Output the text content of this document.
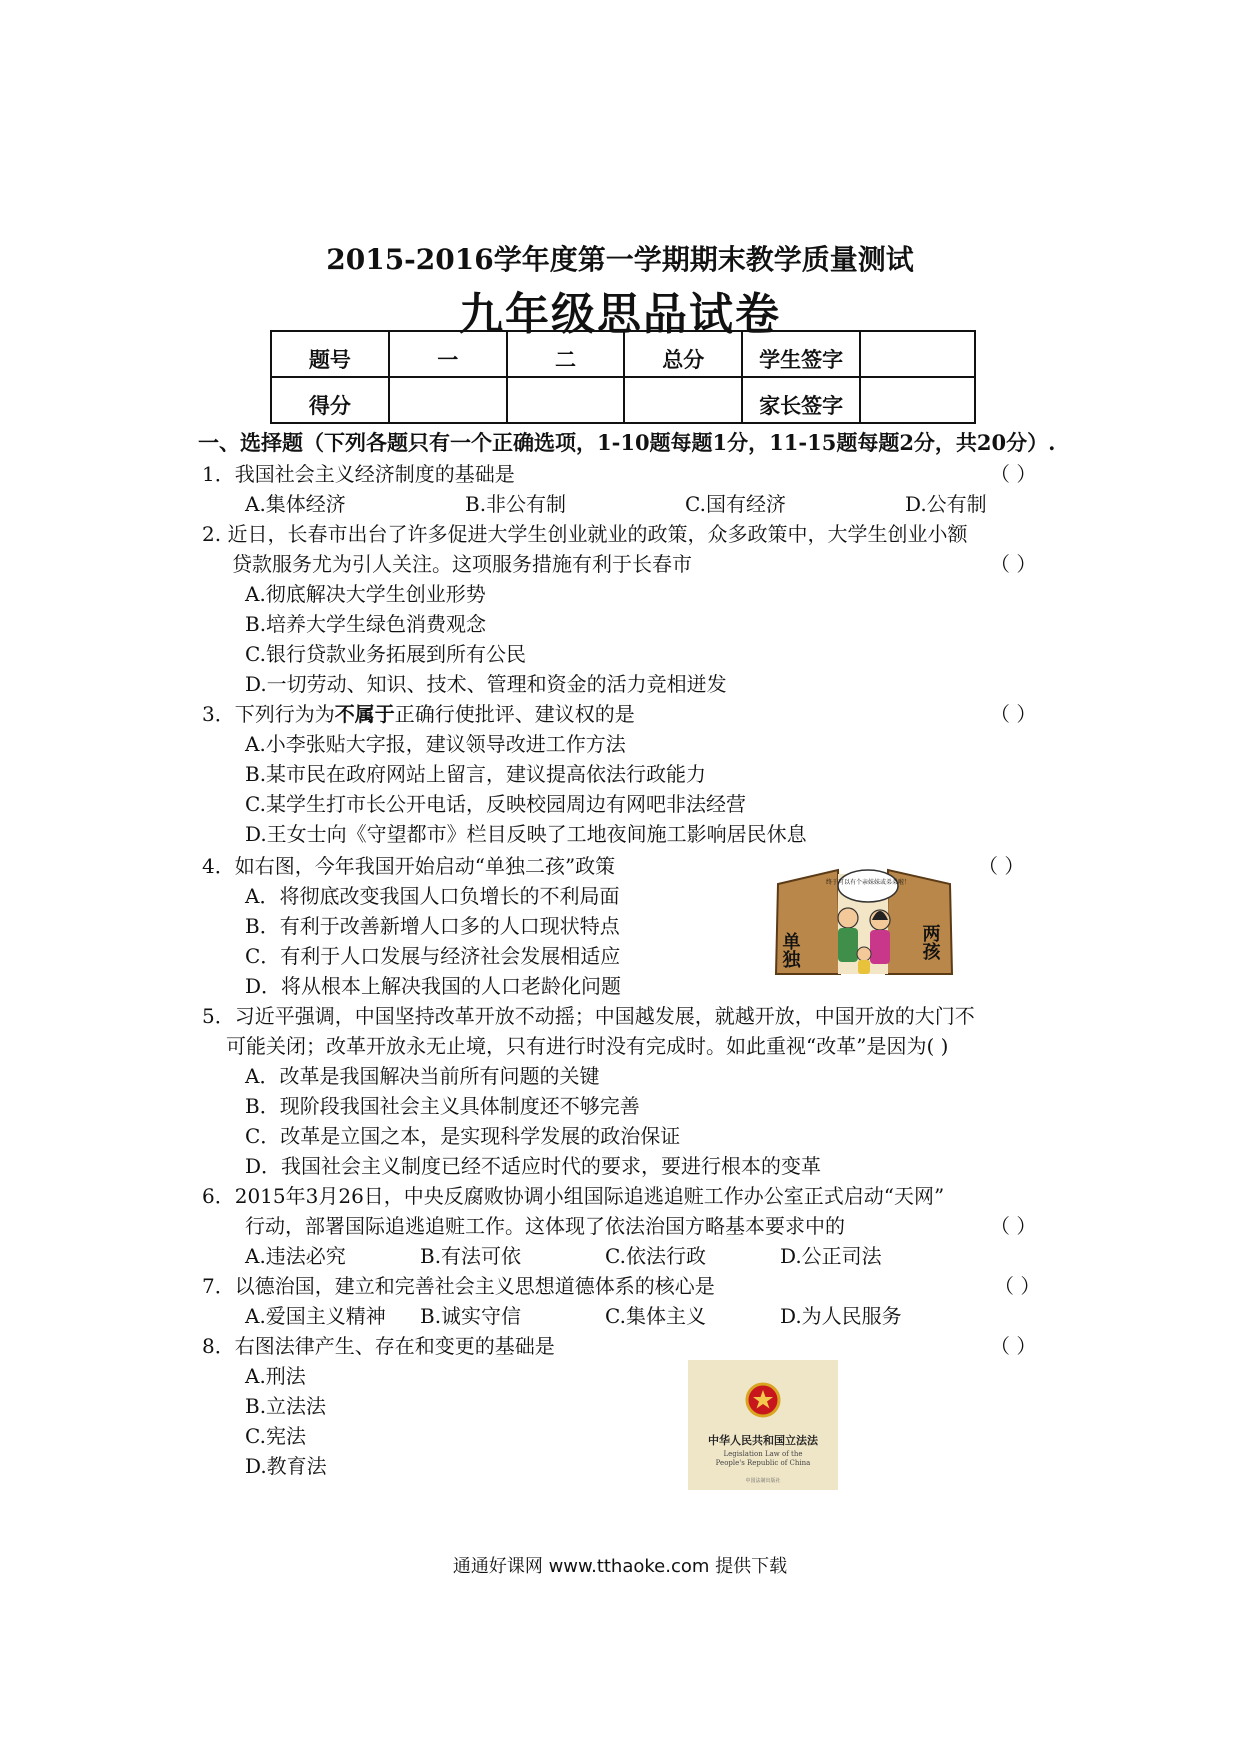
2015-2016学年度第一学期期末教学质量测试
九年级思品试卷
题号	一	二	总分	学生签字	
得分				家长签字	
一、选择题（下列各题只有一个正确选项，1-10题每题1分，11-15题每题2分，共20分）.
1．我国社会主义经济制度的基础是	（ ）
A.集体经济	B.非公有制	C.国有经济	D.公有制
2. 近日，长春市出台了许多促进大学生创业就业的政策，众多政策中，大学生创业小额
贷款服务尤为引人关注。这项服务措施有利于长春市	（ ）
A.彻底解决大学生创业形势
B.培养大学生绿色消费观念
C.银行贷款业务拓展到所有公民
D.一切劳动、知识、技术、管理和资金的活力竞相迸发
3．下列行为为不属于正确行使批评、建议权的是	（ ）
A.小李张贴大字报，建议领导改进工作方法
B.某市民在政府网站上留言，建议提高依法行政能力
C.某学生打市长公开电话，反映校园周边有网吧非法经营
D.王女士向《守望都市》栏目反映了工地夜间施工影响居民休息
4．如右图，今年我国开始启动“单独二孩”政策	（ ）
A．将彻底改变我国人口负增长的不利局面
B．有利于改善新增人口多的人口现状特点
C．有利于人口发展与经济社会发展相适应
D．将从根本上解决我国的人口老龄化问题
终于可以有个亲妹妹或弟弟啦！
单独	两孩
5．习近平强调，中国坚持改革开放不动摇；中国越发展，就越开放，中国开放的大门不
可能关闭；改革开放永无止境，只有进行时没有完成时。如此重视“改革”是因为( )
A．改革是我国解决当前所有问题的关键
B．现阶段我国社会主义具体制度还不够完善
C．改革是立国之本，是实现科学发展的政治保证
D．我国社会主义制度已经不适应时代的要求，要进行根本的变革
6．2015年3月26日，中央反腐败协调小组国际追逃追赃工作办公室正式启动“天网”
行动，部署国际追逃追赃工作。这体现了依法治国方略基本要求中的	（ ）
A.违法必究	B.有法可依	C.依法行政	D.公正司法
7．以德治国，建立和完善社会主义思想道德体系的核心是	（ ）
A.爱国主义精神 B.诚实守信	C.集体主义	D.为人民服务
8．右图法律产生、存在和变更的基础是	（ ）
A.刑法
B.立法法
C.宪法
D.教育法
中华人民共和国立法法
Legislation Law of the
People's Republic of China
中国法制出版社
通通好课网 www.tthaoke.com 提供下载
